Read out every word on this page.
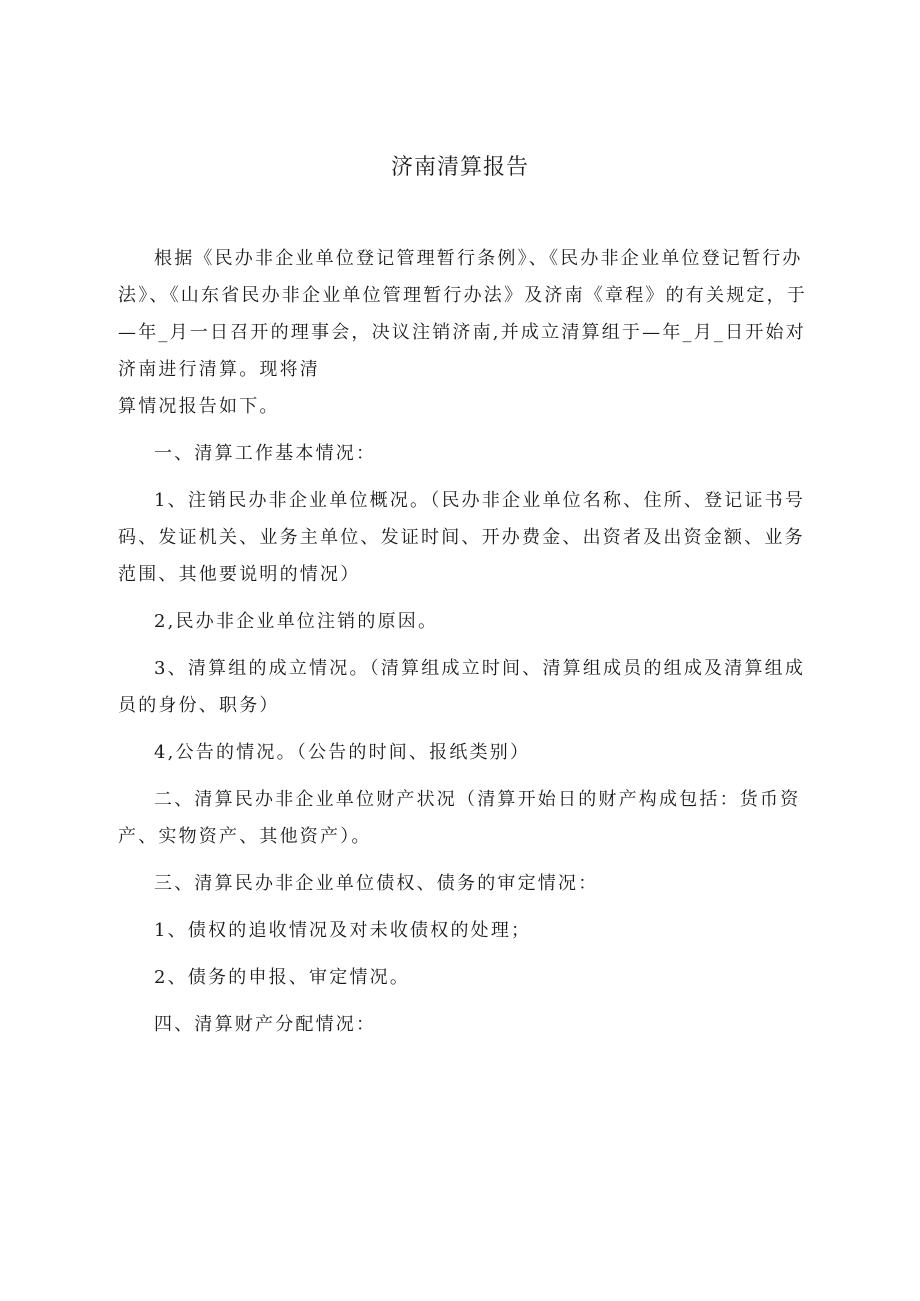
济南清算报告

根据《民办非企业单位登记管理暂行条例》、《民办非企业单位登记暂行办法》、《山东省民办非企业单位管理暂行办法》及济南《章程》的有关规定，于—年_月一日召开的理事会，决议注销济南,并成立清算组于—年_月_日开始对济南进行清算。现将清

算情况报告如下。

一、清算工作基本情况：

1、注销民办非企业单位概况。（民办非企业单位名称、住所、登记证书号码、发证机关、业务主单位、发证时间、开办费金、出资者及出资金额、业务范围、其他要说明的情况）

2,民办非企业单位注销的原因。

3、清算组的成立情况。（清算组成立时间、清算组成员的组成及清算组成员的身份、职务）

4,公告的情况。（公告的时间、报纸类别）

二、清算民办非企业单位财产状况（清算开始日的财产构成包括：货币资产、实物资产、其他资产）。

三、清算民办非企业单位债权、债务的审定情况：

1、债权的追收情况及对未收债权的处理；

2、债务的申报、审定情况。

四、清算财产分配情况：
